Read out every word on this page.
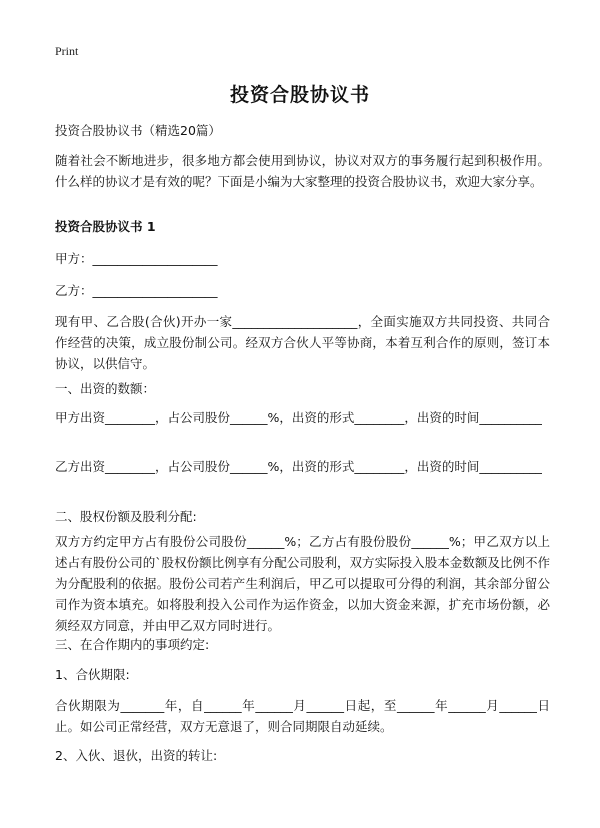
Print
投资合股协议书
投资合股协议书（精选20篇）
随着社会不断地进步，很多地方都会使用到协议，协议对双方的事务履行起到积极作用。什么样的协议才是有效的呢？下面是小编为大家整理的投资合股协议书，欢迎大家分享。
投资合股协议书 1
甲方：____________________
乙方：____________________
现有甲、乙合股(合伙)开办一家____________________，全面实施双方共同投资、共同合作经营的决策，成立股份制公司。经双方合伙人平等协商，本着互利合作的原则，签订本协议，以供信守。
一、出资的数额：
甲方出资________，占公司股份______%，出资的形式________，出资的时间__________
乙方出资________，占公司股份______%，出资的形式________，出资的时间__________
二、股权份额及股利分配:
双方方约定甲方占有股份公司股份______%；乙方占有股份股份______%；甲乙双方以上述占有股份公司的`股权份额比例享有分配公司股利，双方实际投入股本金数额及比例不作为分配股利的依据。股份公司若产生利润后，甲乙可以提取可分得的利润，其余部分留公司作为资本填充。如将股利投入公司作为运作资金，以加大资金来源，扩充市场份额，必须经双方同意，并由甲乙双方同时进行。
三、在合作期内的事项约定:
1、合伙期限:
合伙期限为_______年，自______年______月______日起，至______年______月______日止。如公司正常经营，双方无意退了，则合同期限自动延续。
2、入伙、退伙，出资的转让:
